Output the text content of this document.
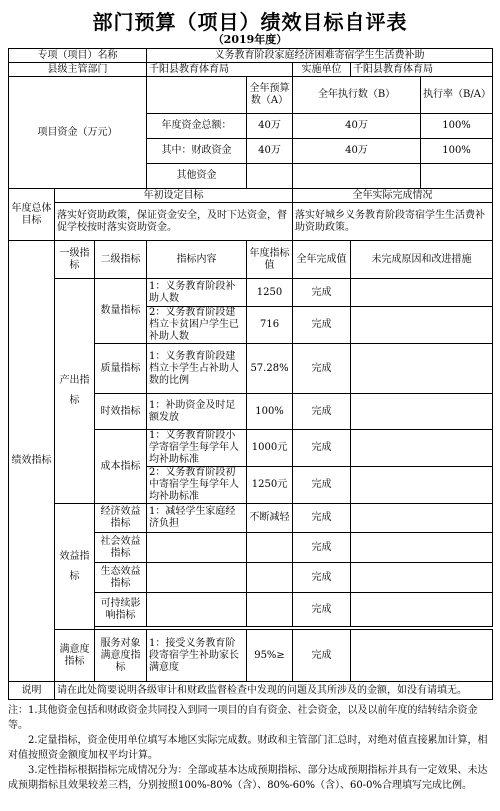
部门预算（项目）绩效目标自评表
（2019年度）
专项（项目）名称			义务教育阶段家庭经济困难寄宿学生生活费补助				
县级主管部门			千阳县教育体育局		实施单位	千阳县教育体育局	
项目资金（万元）				全年预算数（A）	全年执行数（B）		执行率（B/A）
			年度资金总额：	40万	40万		100%
			其中：财政资金	40万	40万		100%
			其他资金				
年度总体目标	年初设定目标				全年实际完成情况		
	落实好资助政策，保证资金安全，及时下达资金，督促学校按时落实资助资金。				落实好城乡义务教育阶段寄宿学生生活费补助资助政策。		
绩效指标	一级指标	二级指标	指标内容	年度指标值	全年完成值	未完成原因和改进措施	
	产出指标	数量指标	1：义务教育阶段补助人数	1250	完成		
			2：义务教育阶段建档立卡贫困户学生已补助人数	716	完成		
		质量指标	1：义务教育阶段建档立卡学生占补助人数的比例	57.28%	完成		
		时效指标	1：补助资金及时足额发放	100%	完成		
		成本指标	1：义务教育阶段小学寄宿学生每学年人均补助标准	1000元	完成		
			2：义务教育阶段初中寄宿学生每学年人均补助标准	1250元	完成		
	效益指标	经济效益指标	1：减轻学生家庭经济负担	不断减轻	完成		

		社会效益指标			完成		
		生态效益指标			完成		
		可持续影响指标			完成		

	满意度指标	服务对象满意度指标	1：接受义务教育阶段寄宿学生补助家长满意度	95%≥	完成		
说明	请在此处简要说明各级审计和财政监督检查中发现的问题及其所涉及的金额，如没有请填无。						
注：1.其他资金包括和财政资金共同投入到同一项目的自有资金、社会资金，以及以前年度的结转结余资金等。
　　2.定量指标，资金使用单位填写本地区实际完成数。财政和主管部门汇总时，对绝对值直接累加计算，相对值按照资金额度加权平均计算。
　　3.定性指标根据指标完成情况分为：全部或基本达成预期指标、部分达成预期指标并具有一定效果、未达成预期指标且效果较差三档，分别按照100%-80%（含）、80%-60%（含）、60-0%合理填写完成比例。
